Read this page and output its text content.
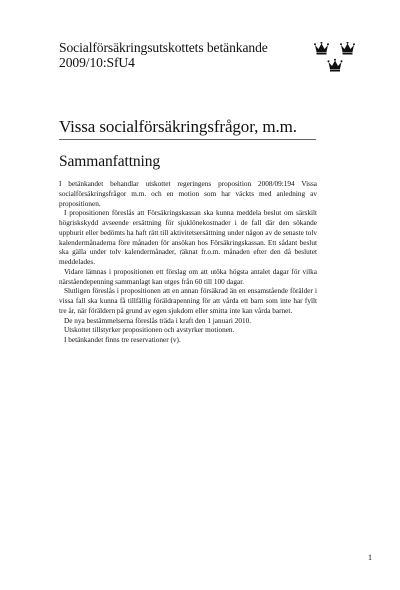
Socialförsäkringsutskottets betänkande
2009/10:SfU4
Vissa socialförsäkringsfrågor, m.m.
Sammanfattning

I betänkandet behandlar utskottet regeringens proposition 2008/09:194 Vissa socialförsäkringsfrågor m.m. och en motion som har väckts med anledning av propositionen.

I propositionen föreslås att Försäkringskassan ska kunna meddela beslut om särskilt högriskskydd avseende ersättning för sjuklönekostnader i de fall där den sökande uppburit eller bedömts ha haft rätt till aktivitetsersättning under någon av de senaste tolv kalendermånaderna före månaden för ansökan hos Försäkringskassan. Ett sådant beslut ska gälla under tolv kalendermånader, räknat fr.o.m. månaden efter den då beslutet meddelades.

Vidare lämnas i propositionen ett förslag om att utöka högsta antalet dagar för vilka närståendepenning sammanlagt kan utges från 60 till 100 dagar.

Slutligen föreslås i propositionen att en annan försäkrad än en ensamstående förälder i vissa fall ska kunna få tillfällig föräldrapenning för att vårda ett barn som inte har fyllt tre år, när föräldern på grund av egen sjukdom eller smitta inte kan vårda barnet.

De nya bestämmelserna föreslås träda i kraft den 1 januari 2010.

Utskottet tillstyrker propositionen och avstyrker motionen.

I betänkandet finns tre reservationer (v).

1
